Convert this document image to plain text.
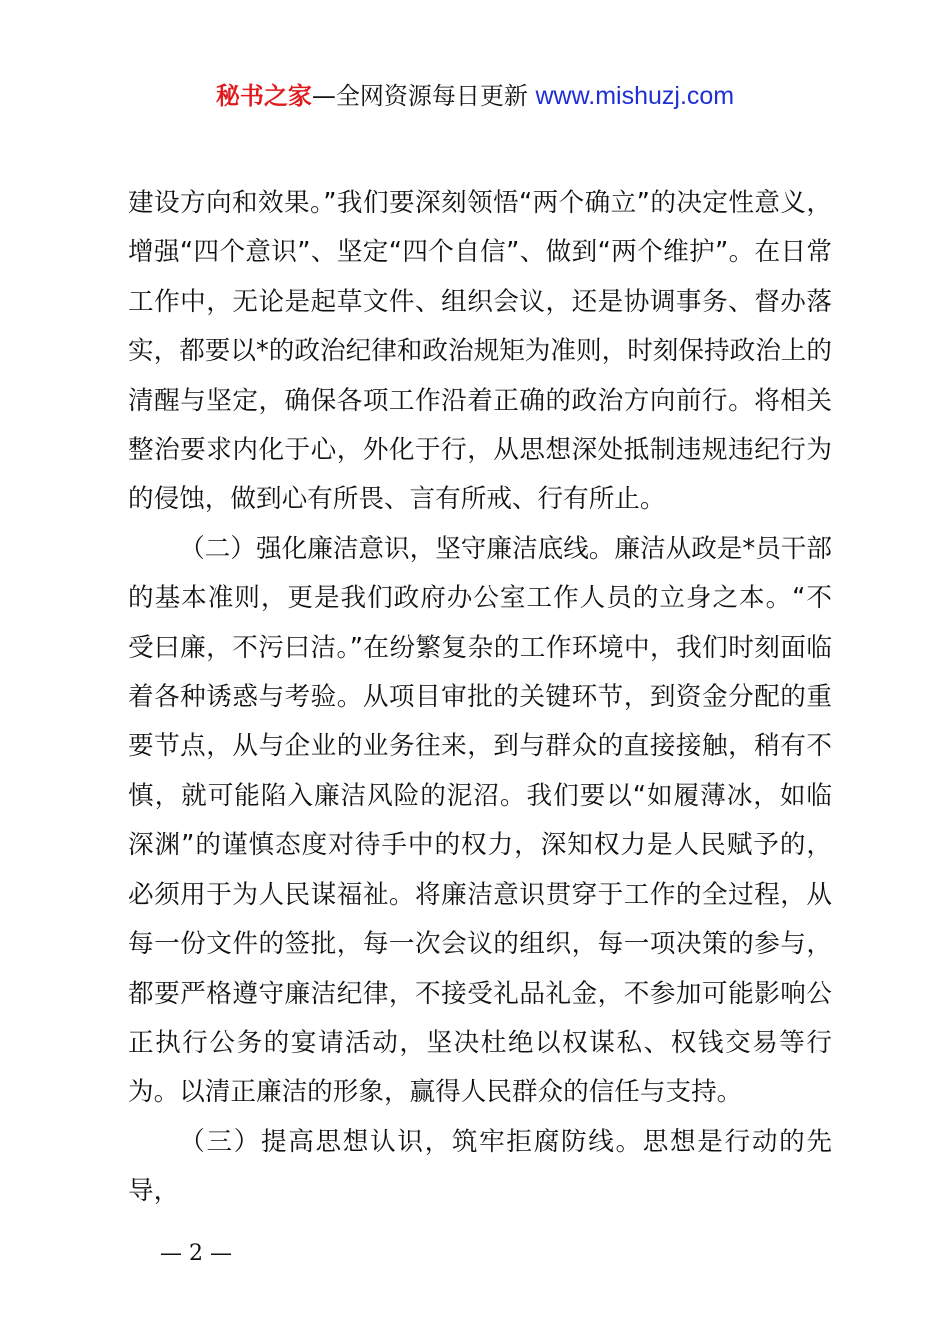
秘书之家—全网资源每日更新 www.mishuzj.com

建设方向和效果。”我们要深刻领悟“两个确立”的决定性意义，增强“四个意识”、坚定“四个自信”、做到“两个维护”。在日常工作中，无论是起草文件、组织会议，还是协调事务、督办落实，都要以*的政治纪律和政治规矩为准则，时刻保持政治上的清醒与坚定，确保各项工作沿着正确的政治方向前行。将相关整治要求内化于心，外化于行，从思想深处抵制违规违纪行为的侵蚀，做到心有所畏、言有所戒、行有所止。

（二）强化廉洁意识，坚守廉洁底线。廉洁从政是*员干部的基本准则，更是我们政府办公室工作人员的立身之本。“不受曰廉，不污曰洁。”在纷繁复杂的工作环境中，我们时刻面临着各种诱惑与考验。从项目审批的关键环节，到资金分配的重要节点，从与企业的业务往来，到与群众的直接接触，稍有不慎，就可能陷入廉洁风险的泥沼。我们要以“如履薄冰，如临深渊”的谨慎态度对待手中的权力，深知权力是人民赋予的，必须用于为人民谋福祉。将廉洁意识贯穿于工作的全过程，从每一份文件的签批，每一次会议的组织，每一项决策的参与，都要严格遵守廉洁纪律，不接受礼品礼金，不参加可能影响公正执行公务的宴请活动，坚决杜绝以权谋私、权钱交易等行为。以清正廉洁的形象，赢得人民群众的信任与支持。

（三）提高思想认识，筑牢拒腐防线。思想是行动的先导，

— 2 —
